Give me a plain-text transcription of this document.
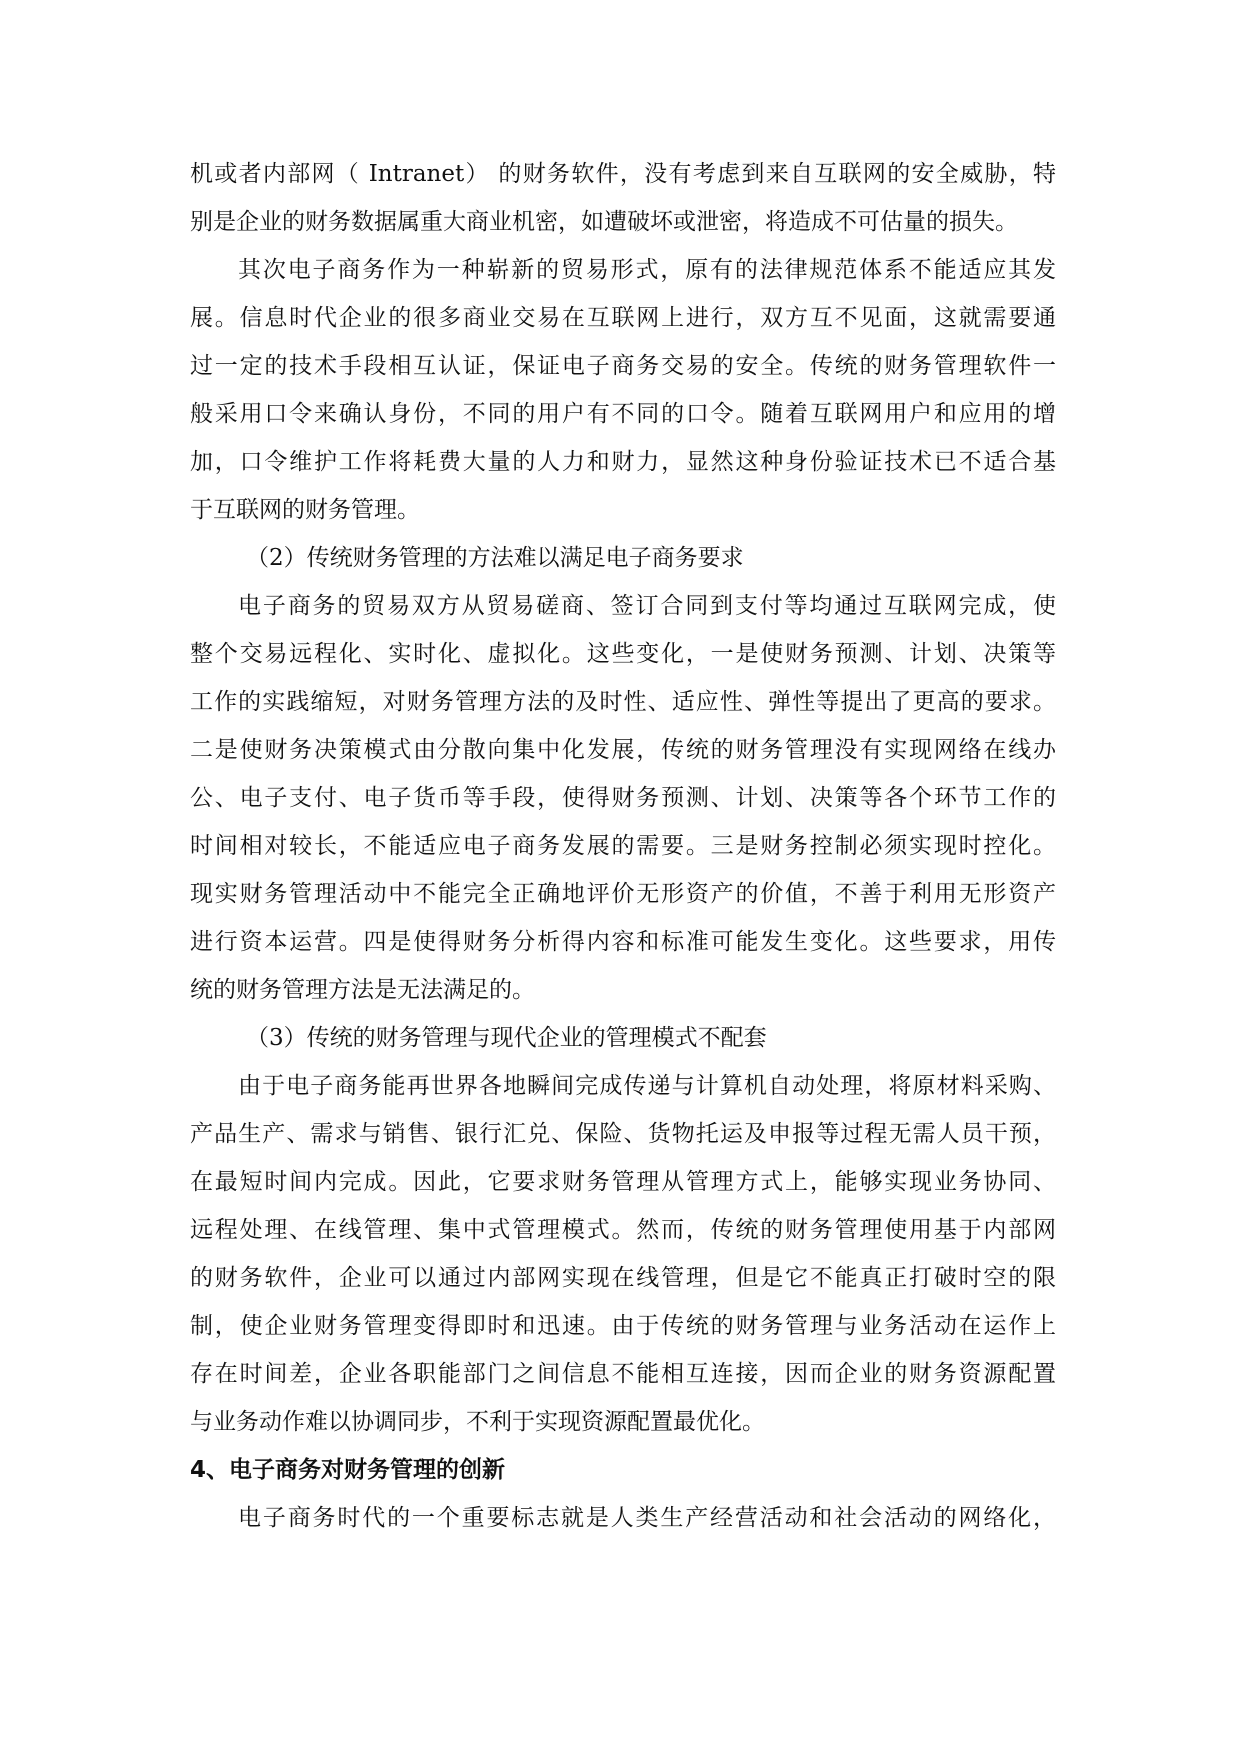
机或者内部网（ Intranet） 的财务软件，没有考虑到来自互联网的安全威胁，特
别是企业的财务数据属重大商业机密，如遭破坏或泄密，将造成不可估量的损失。
其次电子商务作为一种崭新的贸易形式，原有的法律规范体系不能适应其发
展。信息时代企业的很多商业交易在互联网上进行，双方互不见面，这就需要通
过一定的技术手段相互认证，保证电子商务交易的安全。传统的财务管理软件一
般采用口令来确认身份，不同的用户有不同的口令。随着互联网用户和应用的增
加，口令维护工作将耗费大量的人力和财力，显然这种身份验证技术已不适合基
于互联网的财务管理。
（2）传统财务管理的方法难以满足电子商务要求
电子商务的贸易双方从贸易磋商、签订合同到支付等均通过互联网完成，使
整个交易远程化、实时化、虚拟化。这些变化，一是使财务预测、计划、决策等
工作的实践缩短，对财务管理方法的及时性、适应性、弹性等提出了更高的要求。
二是使财务决策模式由分散向集中化发展，传统的财务管理没有实现网络在线办
公、电子支付、电子货币等手段，使得财务预测、计划、决策等各个环节工作的
时间相对较长，不能适应电子商务发展的需要。三是财务控制必须实现时控化。
现实财务管理活动中不能完全正确地评价无形资产的价值，不善于利用无形资产
进行资本运营。四是使得财务分析得内容和标准可能发生变化。这些要求，用传
统的财务管理方法是无法满足的。
（3）传统的财务管理与现代企业的管理模式不配套
由于电子商务能再世界各地瞬间完成传递与计算机自动处理，将原材料采购、
产品生产、需求与销售、银行汇兑、保险、货物托运及申报等过程无需人员干预，
在最短时间内完成。因此，它要求财务管理从管理方式上，能够实现业务协同、
远程处理、在线管理、集中式管理模式。然而，传统的财务管理使用基于内部网
的财务软件，企业可以通过内部网实现在线管理，但是它不能真正打破时空的限
制，使企业财务管理变得即时和迅速。由于传统的财务管理与业务活动在运作上
存在时间差，企业各职能部门之间信息不能相互连接，因而企业的财务资源配置
与业务动作难以协调同步，不利于实现资源配置最优化。
4、电子商务对财务管理的创新
电子商务时代的一个重要标志就是人类生产经营活动和社会活动的网络化，
